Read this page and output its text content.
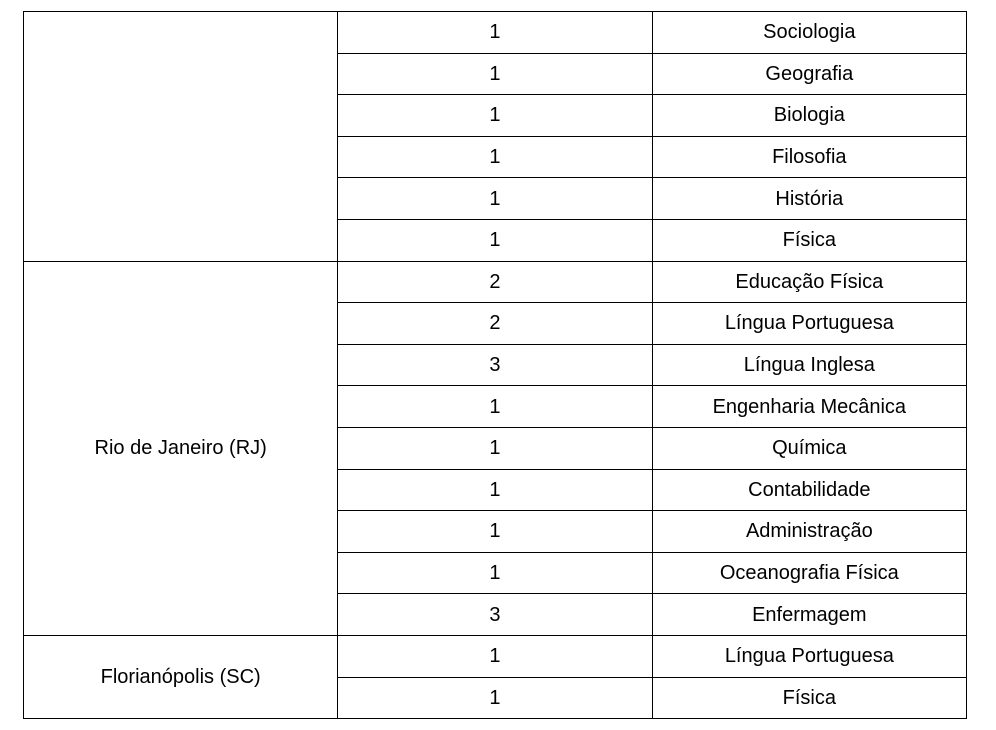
	1	Sociologia
	1	Geografia
	1	Biologia
	1	Filosofia
	1	História
	1	Física
Rio de Janeiro (RJ)	2	Educação Física
	2	Língua Portuguesa
	3	Língua Inglesa
	1	Engenharia Mecânica
	1	Química
	1	Contabilidade
	1	Administração
	1	Oceanografia Física
	3	Enfermagem
Florianópolis (SC)	1	Língua Portuguesa
	1	Física
